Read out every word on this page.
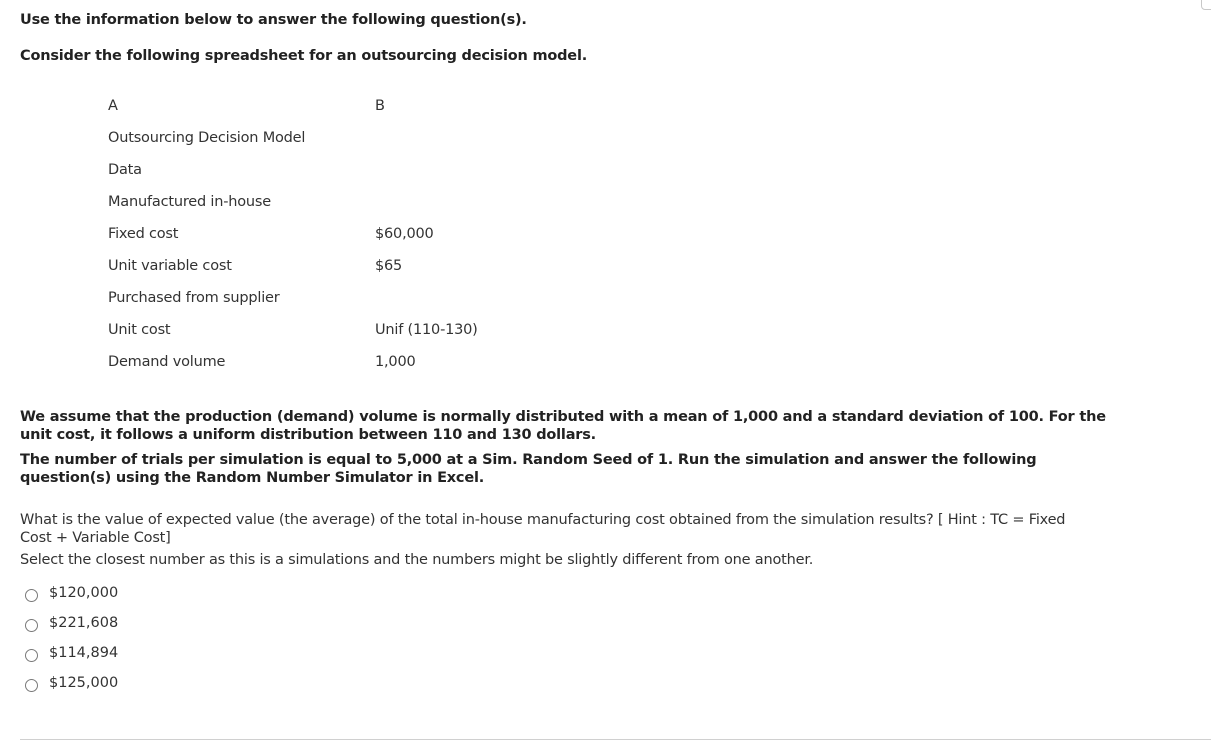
Use the information below to answer the following question(s).
Consider the following spreadsheet for an outsourcing decision model.
A	B
Outsourcing Decision Model
Data
Manufactured in-house
Fixed cost	$60,000
Unit variable cost	$65
Purchased from supplier
Unit cost	Unif (110-130)
Demand volume	1,000
We assume that the production (demand) volume is normally distributed with a mean of 1,000 and a standard deviation of 100. For the unit cost, it follows a uniform distribution between 110 and 130 dollars.
The number of trials per simulation is equal to 5,000 at a Sim. Random Seed of 1. Run the simulation and answer the following question(s) using the Random Number Simulator in Excel.
What is the value of expected value (the average) of the total in-house manufacturing cost obtained from the simulation results? [ Hint : TC = Fixed Cost + Variable Cost]
Select the closest number as this is a simulations and the numbers might be slightly different from one another.
$120,000
$221,608
$114,894
$125,000
